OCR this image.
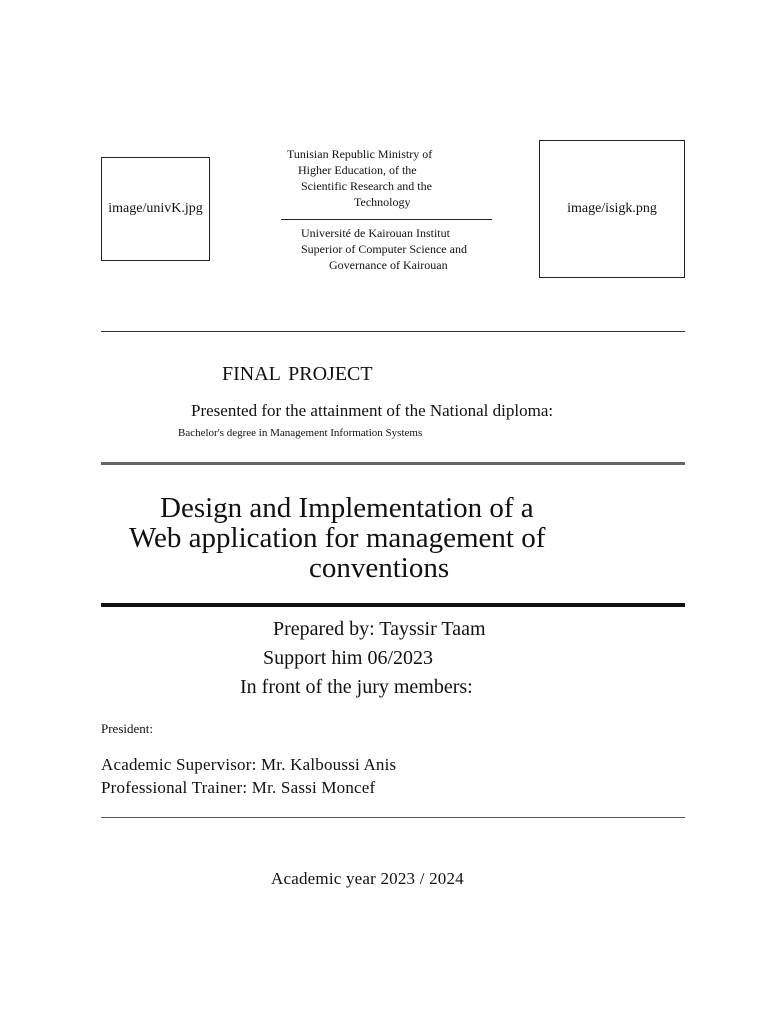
image/univK.jpg	image/isigk.png
Tunisian Republic Ministry of
Higher Education, of the
Scientific Research and the
Technology
Université de Kairouan Institut
Superior of Computer Science and
Governance of Kairouan
FINAL PROJECT
Presented for the attainment of the National diploma:
Bachelor's degree in Management Information Systems
Design and Implementation of a
Web application for management of
conventions
Prepared by: Tayssir Taam
Support him 06/2023
In front of the jury members:
President:
Academic Supervisor: Mr. Kalboussi Anis
Professional Trainer: Mr. Sassi Moncef
Academic year 2023 / 2024
